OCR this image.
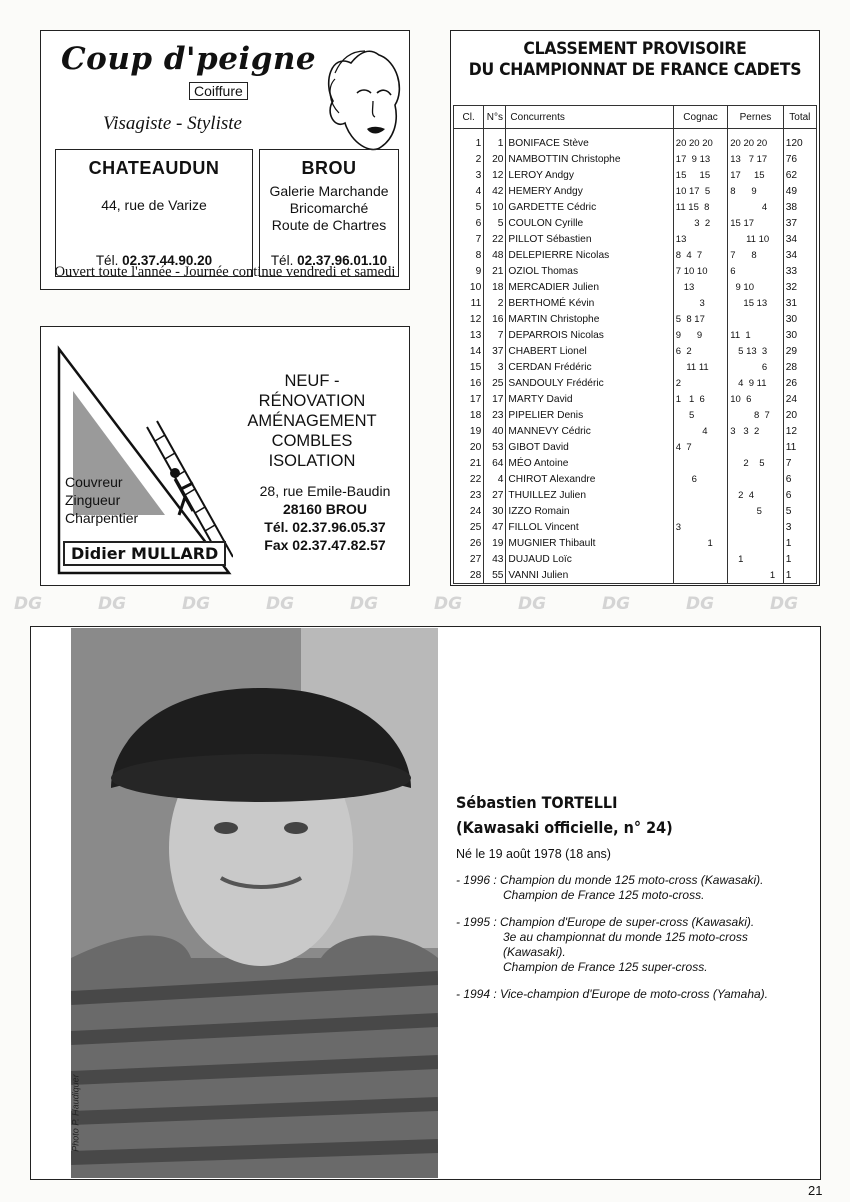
Coup d'peigne
Coiffure
Visagiste - Styliste
CHATEAUDUN
44, rue de Varize
Tél. 02.37.44.90.20
BROU
Galerie Marchande
Bricomarché
Route de Chartres
Tél. 02.37.96.01.10
Ouvert toute l'année - Journée continue vendredi et samedi
NEUF - RÉNOVATION
AMÉNAGEMENT COMBLES
ISOLATION
Couvreur
Zingueur
Charpentier
28, rue Emile-Baudin
28160 BROU
Tél. 02.37.96.05.37
Fax 02.37.47.82.57
Didier MULLARD
CLASSEMENT PROVISOIRE
DU CHAMPIONNAT DE FRANCE CADETS
Cl.	N°s	Concurrents	Cognac	Pernes	Total
1	1	BONIFACE Stève	20 20 20	20 20 20	120
2	20	NAMBOTTIN Christophe	17  9 13	13   7 17	76
3	12	LEROY Andgy	15     15	17     15	62
4	42	HEMERY Andgy	10 17  5	8      9	49
5	10	GARDETTE Cédric	11 15  8	4	38
6	5	COULON Cyrille	3  2	15 17	37
7	22	PILLOT Sébastien	13	11 10	34
8	48	DELEPIERRE Nicolas	8  4  7	7      8	34
9	21	OZIOL Thomas	7 10 10	6	33
10	18	MERCADIER Julien	13	9 10	32
11	2	BERTHOMÉ Kévin	3	15 13	31
12	16	MARTIN Christophe	5  8 17		30
13	7	DEPARROIS Nicolas	9      9	11  1	30
14	37	CHABERT Lionel	6  2	5 13  3	29
15	3	CERDAN Frédéric	11 11	6	28
16	25	SANDOULY Frédéric	2	4  9 11	26
17	17	MARTY David	1   1  6	10  6	24
18	23	PIPELIER Denis	5	8  7	20
19	40	MANNEVY Cédric	4	3   3  2	12
20	53	GIBOT David	4  7		11
21	64	MÉO Antoine		2    5	7
22	4	CHIROT Alexandre	6		6
23	27	THUILLEZ Julien		2  4	6
24	30	IZZO Romain		5	5
25	47	FILLOL Vincent	3		3
26	19	MUGNIER Thibault	1		1
27	43	DUJAUD Loïc		1	1
28	55	VANNI Julien		1	1
DG	DG	DG	DG	DG	DG	DG	DG	DG	DG
Photo P. Haudiquer
Sébastien TORTELLI
(Kawasaki officielle, n° 24)
Né le 19 août 1978 (18 ans)
- 1996 : Champion du monde 125 moto-cross (Kawasaki).
Champion de France 125 moto-cross.
- 1995 : Champion d'Europe de super-cross (Kawasaki).
3e au championnat du monde 125 moto-cross (Kawasaki).
Champion de France 125 super-cross.
- 1994 : Vice-champion d'Europe de moto-cross (Yamaha).
21
